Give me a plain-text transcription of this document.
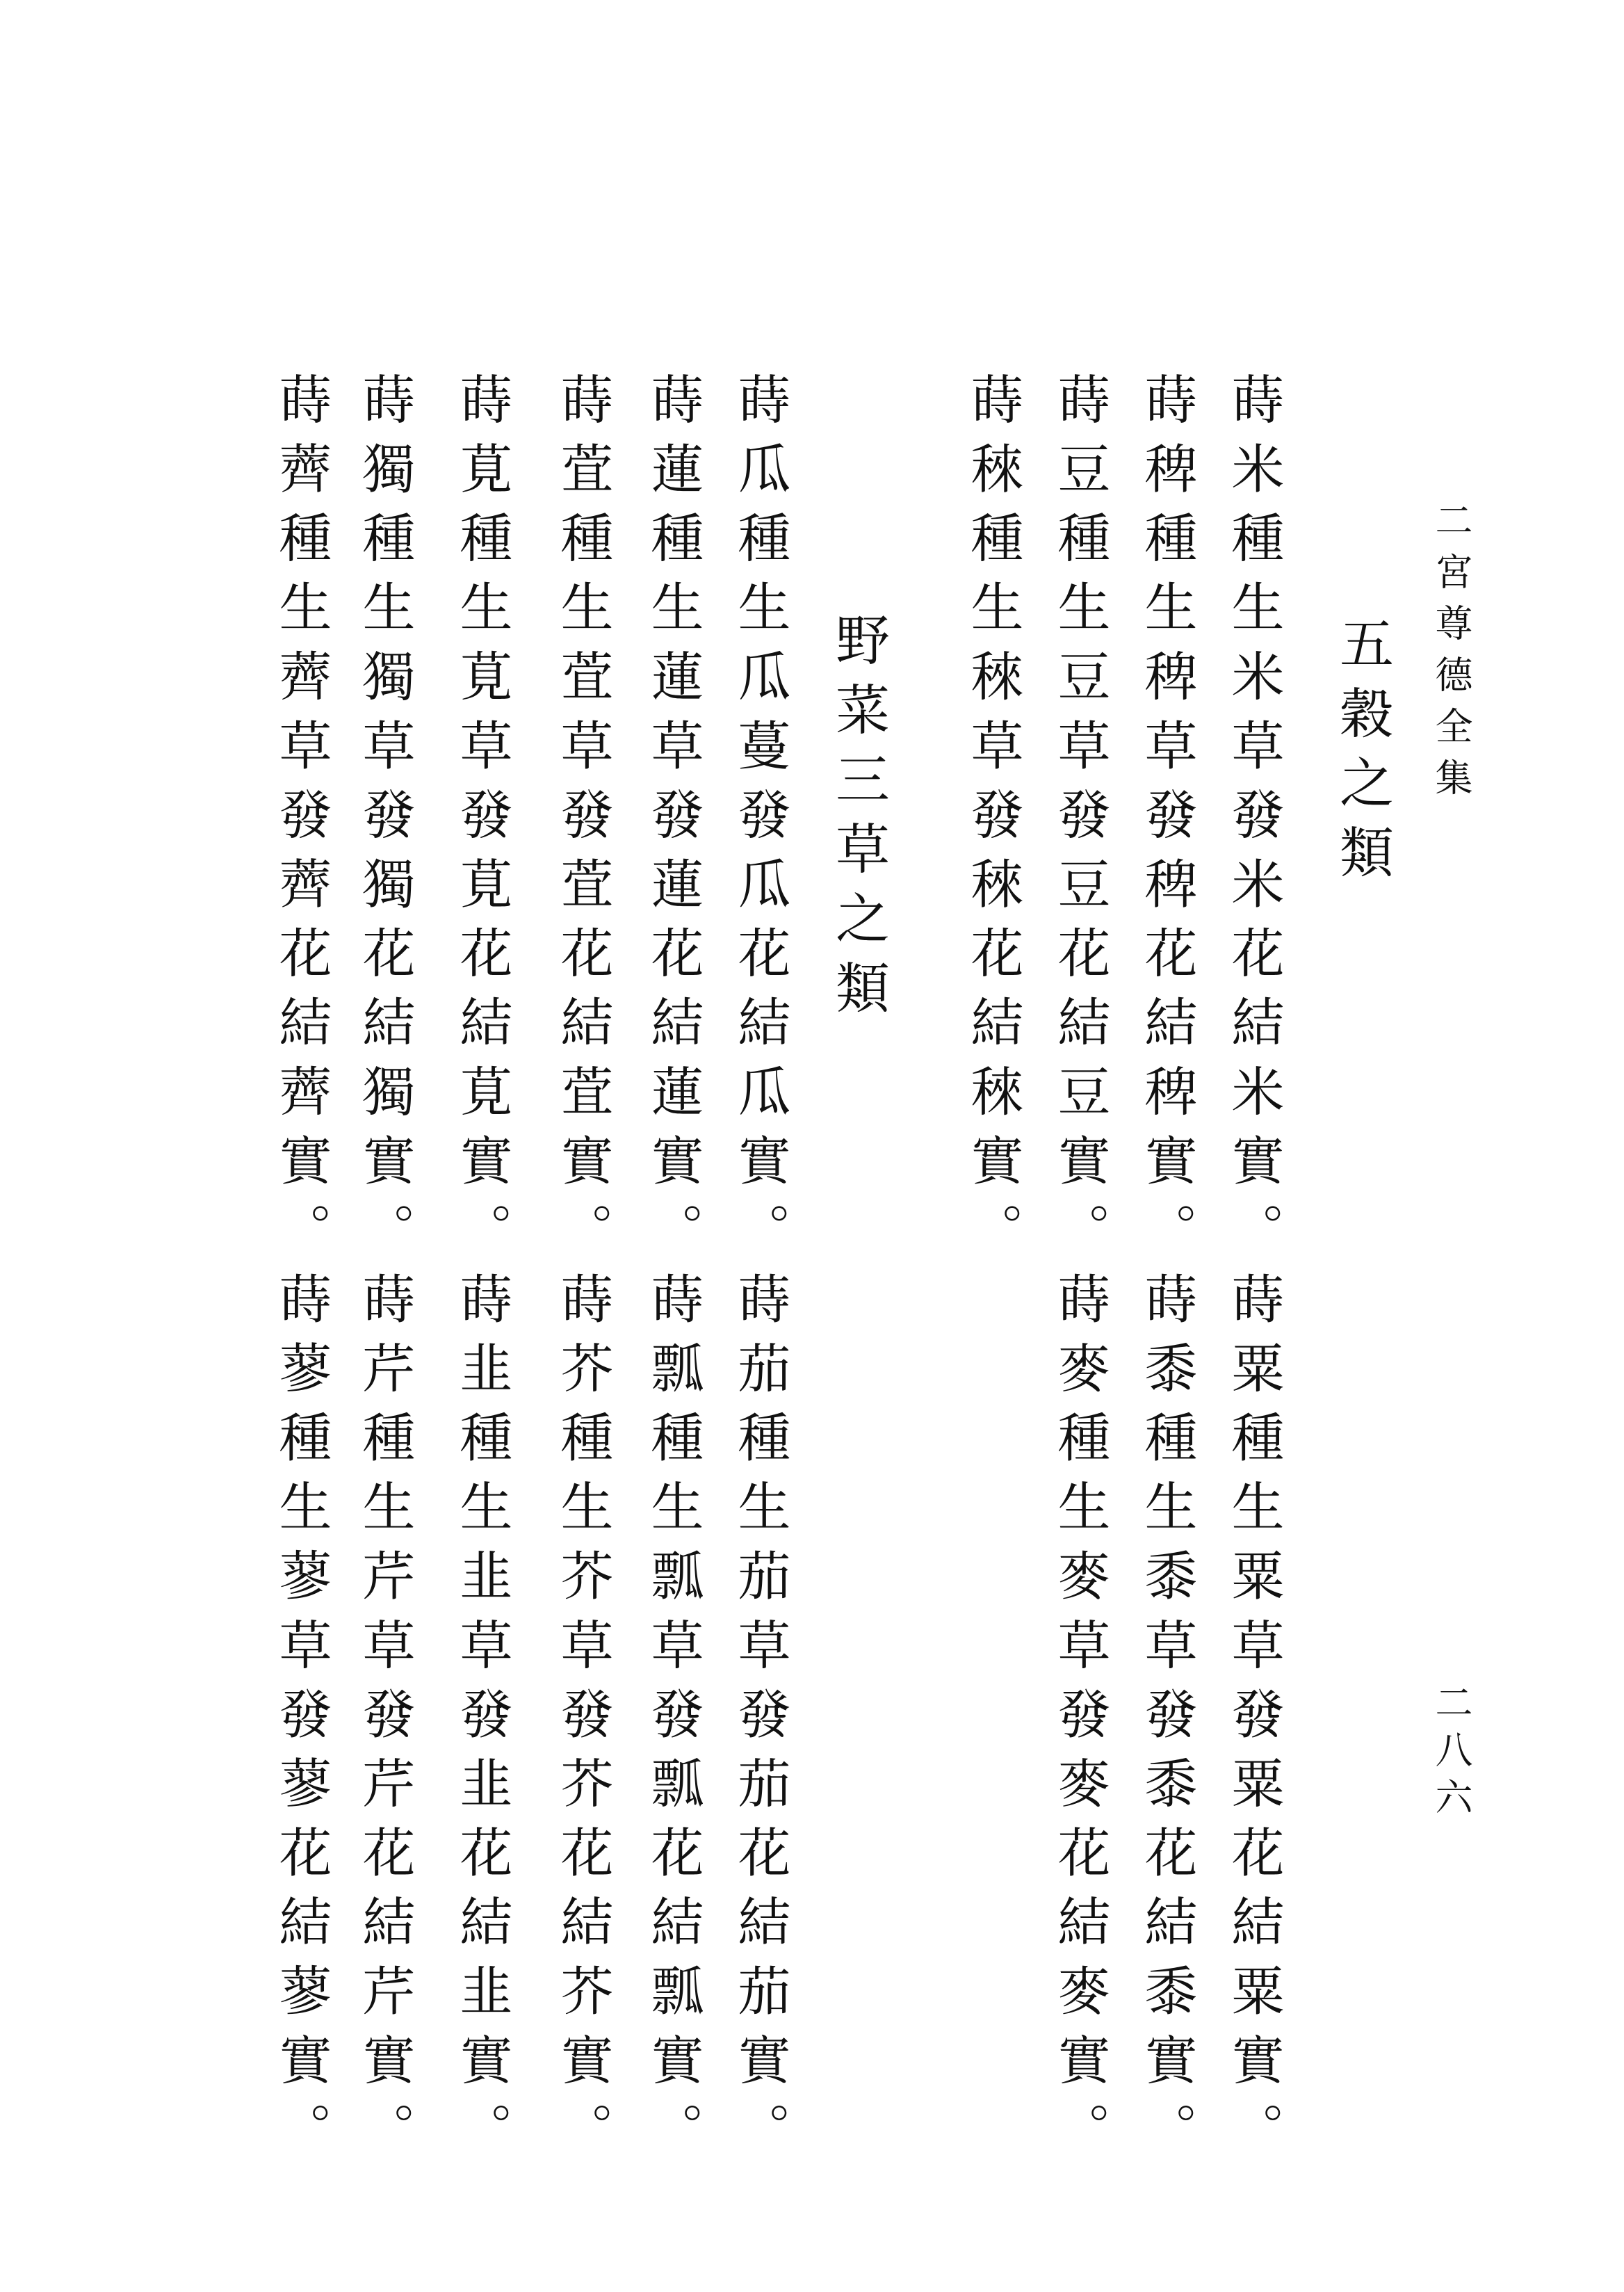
二宮尊德全集
二八六
五穀之類
蒔米種生米草發米花結米實。蒔粟種生粟草發粟花結粟實。
蒔稗種生稗草發稗花結稗實。蒔黍種生黍草發黍花結黍實。
蒔豆種生豆草發豆花結豆實。蒔麥種生麥草發麥花結麥實。
蒔䅘種生䅘草發䅘花結䅘實。
野菜三草之類
蒔瓜種生瓜蔓發瓜花結瓜實。蒔茄種生茄草發茄花結茄實。
蒔蓮種生蓮草發蓮花結蓮實。蒔瓢種生瓢草發瓢花結瓢實。
蒔萓種生萓草發萓花結萓實。蒔芥種生芥草發芥花結芥實。
蒔莧種生莧草發莧花結莧實。蒔韭種生韭草發韭花結韭實。
蒔獨種生獨草發獨花結獨實。蒔芹種生芹草發芹花結芹實。
蒔薺種生薺草發薺花結薺實。蒔蓼種生蓼草發蓼花結蓼實。
